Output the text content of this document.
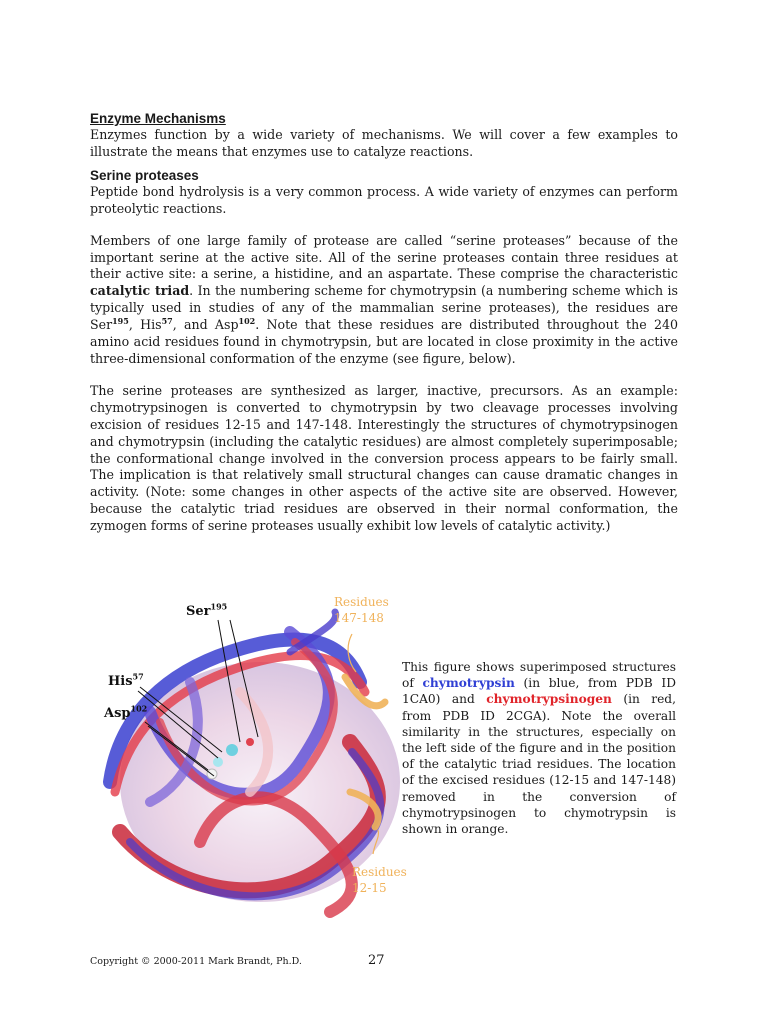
Enzyme Mechanisms

Enzymes function by a wide variety of mechanisms. We will cover a few examples to illustrate the means that enzymes use to catalyze reactions.

Serine proteases

Peptide bond hydrolysis is a very common process. A wide variety of enzymes can perform proteolytic reactions.

Members of one large family of protease are called “serine proteases” because of the important serine at the active site. All of the serine proteases contain three residues at their active site: a serine, a histidine, and an aspartate. These comprise the characteristic catalytic triad. In the numbering scheme for chymotrypsin (a numbering scheme which is typically used in studies of any of the mammalian serine proteases), the residues are Ser$^{195}$, His$^{57}$, and Asp$^{102}$. Note that these residues are distributed throughout the 240 amino acid residues found in chymotrypsin, but are located in close proximity in the active three-dimensional conformation of the enzyme (see figure, below).

The serine proteases are synthesized as larger, inactive, precursors. As an example: chymotrypsinogen is converted to chymotrypsin by two cleavage processes involving excision of residues 12-15 and 147-148. Interestingly the structures of chymotrypsinogen and chymotrypsin (including the catalytic residues) are almost completely superimposable; the conformational change involved in the conversion process appears to be fairly small. The implication is that relatively small structural changes can cause dramatic changes in activity. (Note: some changes in other aspects of the active site are observed. However, because the catalytic triad residues are observed in their normal conformation, the zymogen forms of serine proteases usually exhibit low levels of catalytic activity.)

Ser$^{195}$
His$^{57}$
Asp$^{102}$
Residues
147-148
Residues
12-15

This figure shows superimposed structures of chymotrypsin (in blue, from PDB ID 1CA0) and chymotrypsinogen (in red, from PDB ID 2CGA). Note the overall similarity in the structures, especially on the left side of the figure and in the position of the catalytic triad residues. The location of the excised residues (12-15 and 147-148) removed in the conversion of chymotrypsinogen to chymotrypsin is shown in orange.

Copyright © 2000-2011 Mark Brandt, Ph.D.	27
